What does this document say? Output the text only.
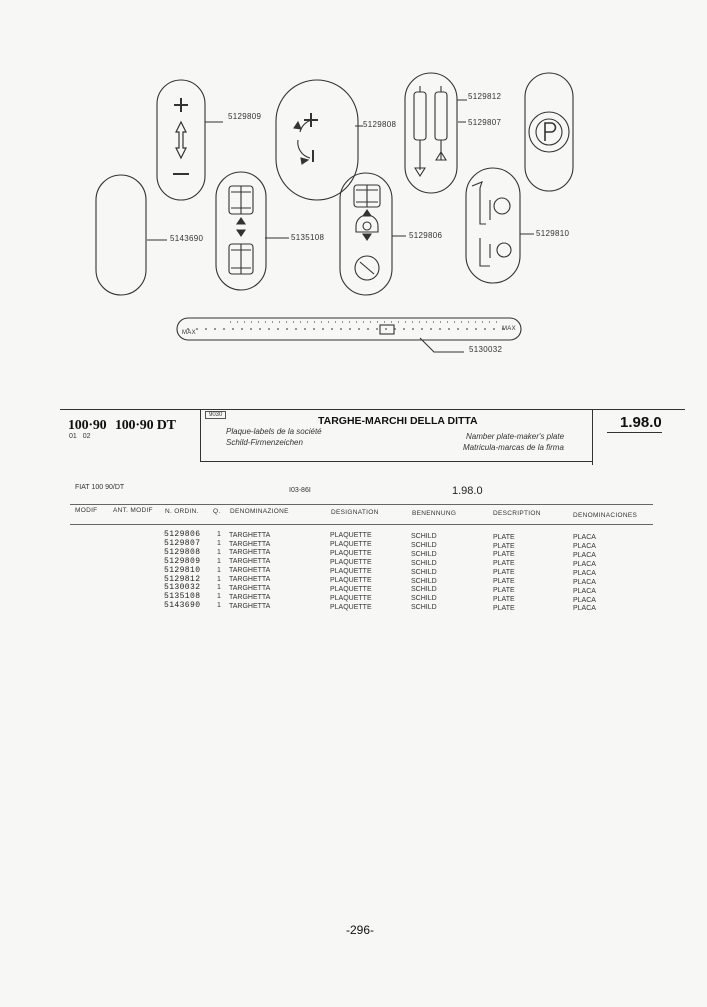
5129809
5129808
5129812
5129807
5143690	5135108	5129806	5129810
5130032
MAX
MAX
100·90 100·90 DT
01 02
9030	TARGHE-MARCHI DELLA DITTA
Plaque-labels de la société
Schild-Firmenzeichen
Namber plate-maker's plate
Matricula-marcas de la firma
1.98.0
FIAT 100 90/DT	I03-86I	1.98.0
MODIF ANT. MODIF N. ORDIN. Q. DENOMINAZIONE	DESIGNATION	BENENNUNG	DESCRIPTION	DENOMINACIONES
5129806 1 TARGHETTA	PLAQUETTE	SCHILD	PLATE	PLACA
5129807 1 TARGHETTA	PLAQUETTE	SCHILD	PLATE	PLACA
5129808 1 TARGHETTA	PLAQUETTE	SCHILD	PLATE	PLACA
5129809 1 TARGHETTA	PLAQUETTE	SCHILD	PLATE	PLACA
5129810 1 TARGHETTA	PLAQUETTE	SCHILD	PLATE	PLACA
5129812 1 TARGHETTA	PLAQUETTE	SCHILD	PLATE	PLACA
5130032 1 TARGHETTA	PLAQUETTE	SCHILD	PLATE	PLACA
5135108 1 TARGHETTA	PLAQUETTE	SCHILD	PLATE	PLACA
5143690 1 TARGHETTA	PLAQUETTE	SCHILD	PLATE	PLACA
-296-
